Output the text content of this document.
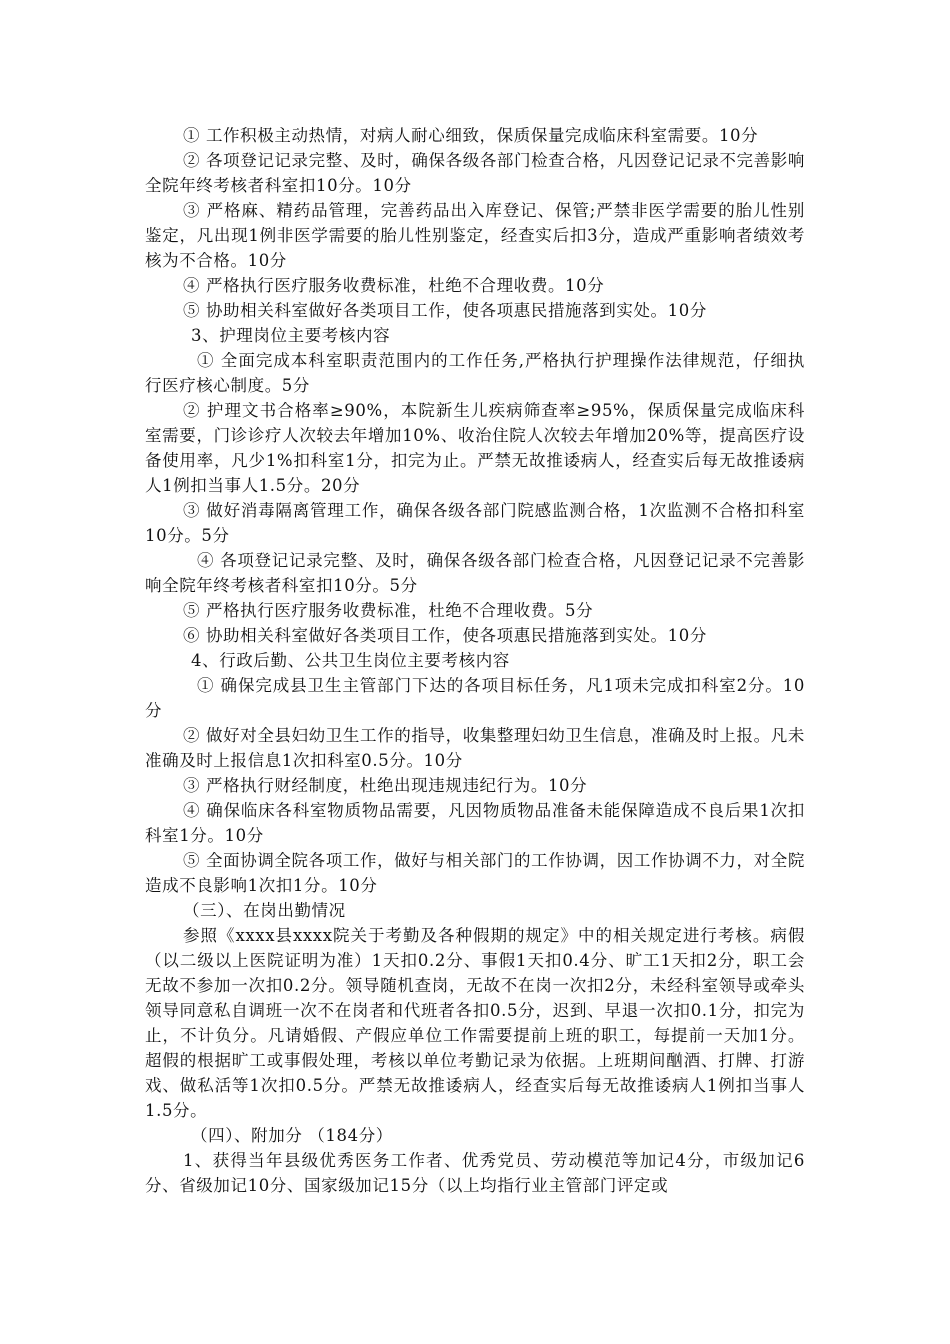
① 工作积极主动热情，对病人耐心细致，保质保量完成临床科室需要。10分

② 各项登记记录完整、及时，确保各级各部门检查合格，凡因登记记录不完善影响全院年终考核者科室扣10分。10分

③ 严格麻、精药品管理，完善药品出入库登记、保管;严禁非医学需要的胎儿性别鉴定，凡出现1例非医学需要的胎儿性别鉴定，经查实后扣3分，造成严重影响者绩效考核为不合格。10分

④ 严格执行医疗服务收费标准，杜绝不合理收费。10分

⑤ 协助相关科室做好各类项目工作，使各项惠民措施落到实处。10分

3、护理岗位主要考核内容

① 全面完成本科室职责范围内的工作任务,严格执行护理操作法律规范，仔细执行医疗核心制度。5分

② 护理文书合格率≥90%，本院新生儿疾病筛查率≥95%，保质保量完成临床科室需要，门诊诊疗人次较去年增加10%、收治住院人次较去年增加20%等，提高医疗设备使用率，凡少1%扣科室1分，扣完为止。严禁无故推诿病人，经查实后每无故推诿病人1例扣当事人1.5分。20分

③ 做好消毒隔离管理工作，确保各级各部门院感监测合格，1次监测不合格扣科室10分。5分

④ 各项登记记录完整、及时，确保各级各部门检查合格，凡因登记记录不完善影响全院年终考核者科室扣10分。5分

⑤ 严格执行医疗服务收费标准，杜绝不合理收费。5分

⑥ 协助相关科室做好各类项目工作，使各项惠民措施落到实处。10分

4、行政后勤、公共卫生岗位主要考核内容

① 确保完成县卫生主管部门下达的各项目标任务，凡1项未完成扣科室2分。10分

② 做好对全县妇幼卫生工作的指导，收集整理妇幼卫生信息，准确及时上报。凡未准确及时上报信息1次扣科室0.5分。10分

③ 严格执行财经制度，杜绝出现违规违纪行为。10分

④ 确保临床各科室物质物品需要，凡因物质物品准备未能保障造成不良后果1次扣科室1分。10分

⑤ 全面协调全院各项工作，做好与相关部门的工作协调，因工作协调不力，对全院造成不良影响1次扣1分。10分

（三）、在岗出勤情况

参照《xxxx县xxxx院关于考勤及各种假期的规定》中的相关规定进行考核。病假（以二级以上医院证明为准）1天扣0.2分、事假1天扣0.4分、旷工1天扣2分，职工会无故不参加一次扣0.2分。领导随机查岗，无故不在岗一次扣2分，未经科室领导或牵头领导同意私自调班一次不在岗者和代班者各扣0.5分，迟到、早退一次扣0.1分，扣完为止，不计负分。凡请婚假、产假应单位工作需要提前上班的职工，每提前一天加1分。超假的根据旷工或事假处理，考核以单位考勤记录为依据。上班期间酗酒、打牌、打游戏、做私活等1次扣0.5分。严禁无故推诿病人，经查实后每无故推诿病人1例扣当事人1.5分。

（四）、附加分 （184分）

1、获得当年县级优秀医务工作者、优秀党员、劳动模范等加记4分，市级加记6分、省级加记10分、国家级加记15分（以上均指行业主管部门评定或
